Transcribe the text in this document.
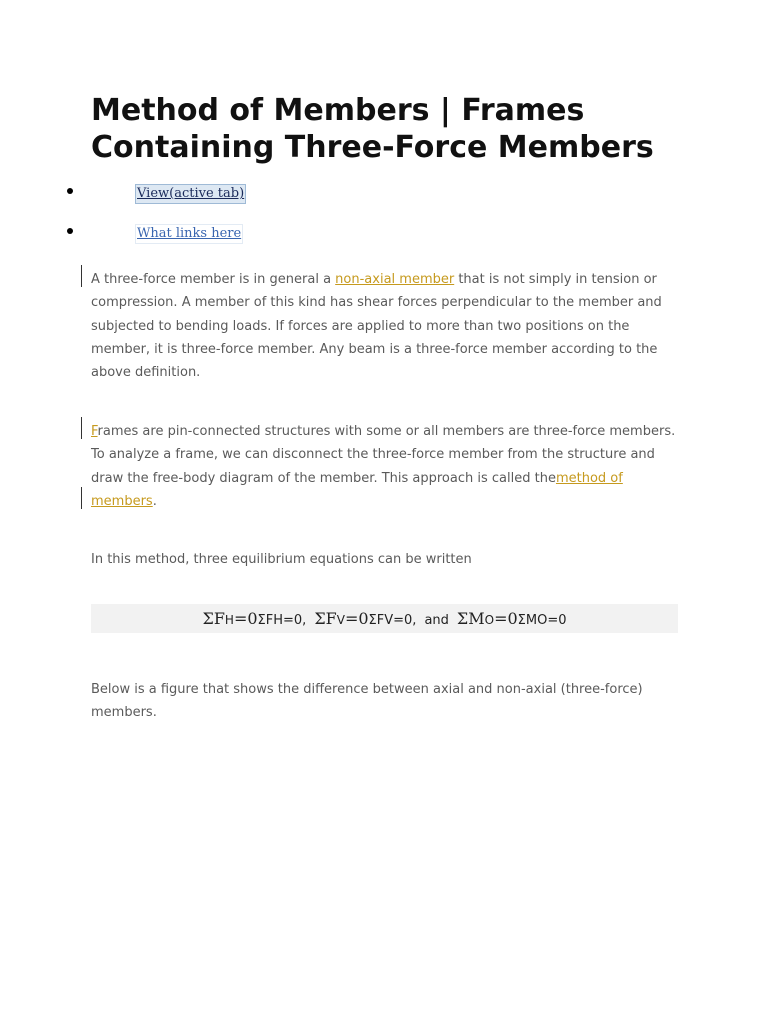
Method of Members | Frames Containing Three-Force Members
View(active tab)
What links here

A three-force member is in general a non-axial member that is not simply in tension or compression. A member of this kind has shear forces perpendicular to the member and subjected to bending loads. If forces are applied to more than two positions on the member, it is three-force member. Any beam is a three-force member according to the above definition.

Frames are pin-connected structures with some or all members are three-force members. To analyze a frame, we can disconnect the three-force member from the structure and draw the free-body diagram of the member. This approach is called themethod of members.

In this method, three equilibrium equations can be written

ΣFH=0ΣFH=0, ΣFV=0ΣFV=0, and ΣMO=0ΣMO=0

Below is a figure that shows the difference between axial and non-axial (three-force) members.
